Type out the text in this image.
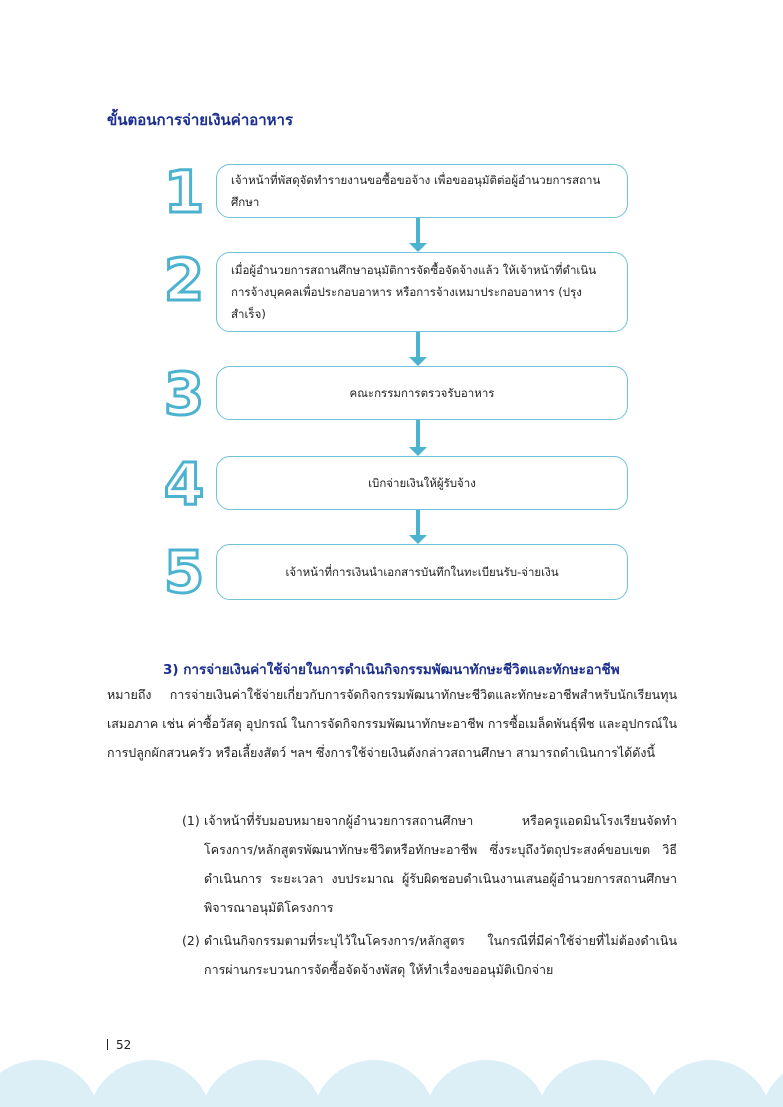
ขั้นตอนการจ่ายเงินค่าอาหาร
1	เจ้าหน้าที่พัสดุจัดทำรายงานขอซื้อขอจ้าง เพื่อขออนุมัติต่อผู้อำนวยการสถานศึกษา
2	เมื่อผู้อำนวยการสถานศึกษาอนุมัติการจัดซื้อจัดจ้างแล้ว ให้เจ้าหน้าที่ดำเนินการจ้างบุคคลเพื่อประกอบอาหาร หรือการจ้างเหมาประกอบอาหาร (ปรุงสำเร็จ)
3	คณะกรรมการตรวจรับอาหาร
4	เบิกจ่ายเงินให้ผู้รับจ้าง
5	เจ้าหน้าที่การเงินนำเอกสารบันทึกในทะเบียนรับ-จ่ายเงิน
3) การจ่ายเงินค่าใช้จ่ายในการดำเนินกิจกรรมพัฒนาทักษะชีวิตและทักษะอาชีพ
หมายถึง การจ่ายเงินค่าใช้จ่ายเกี่ยวกับการจัดกิจกรรมพัฒนาทักษะชีวิตและทักษะอาชีพสำหรับนักเรียนทุนเสมอภาค เช่น ค่าซื้อวัสดุ อุปกรณ์ ในการจัดกิจกรรมพัฒนาทักษะอาชีพ การซื้อเมล็ดพันธุ์พืช และอุปกรณ์ในการปลูกผักสวนครัว หรือเลี้ยงสัตว์ ฯลฯ ซึ่งการใช้จ่ายเงินดังกล่าวสถานศึกษา สามารถดำเนินการได้ดังนี้
(1) เจ้าหน้าที่รับมอบหมายจากผู้อำนวยการสถานศึกษา หรือครูแอดมินโรงเรียนจัดทำโครงการ/หลักสูตรพัฒนาทักษะชีวิตหรือทักษะอาชีพ ซึ่งระบุถึงวัตถุประสงค์ขอบเขต วิธีดำเนินการ ระยะเวลา งบประมาณ ผู้รับผิดชอบดำเนินงานเสนอผู้อำนวยการสถานศึกษา พิจารณาอนุมัติโครงการ
(2) ดำเนินกิจกรรมตามที่ระบุไว้ในโครงการ/หลักสูตร ในกรณีที่มีค่าใช้จ่ายที่ไม่ต้องดำเนินการผ่านกระบวนการจัดซื้อจัดจ้างพัสดุ ให้ทำเรื่องขออนุมัติเบิกจ่าย
52
